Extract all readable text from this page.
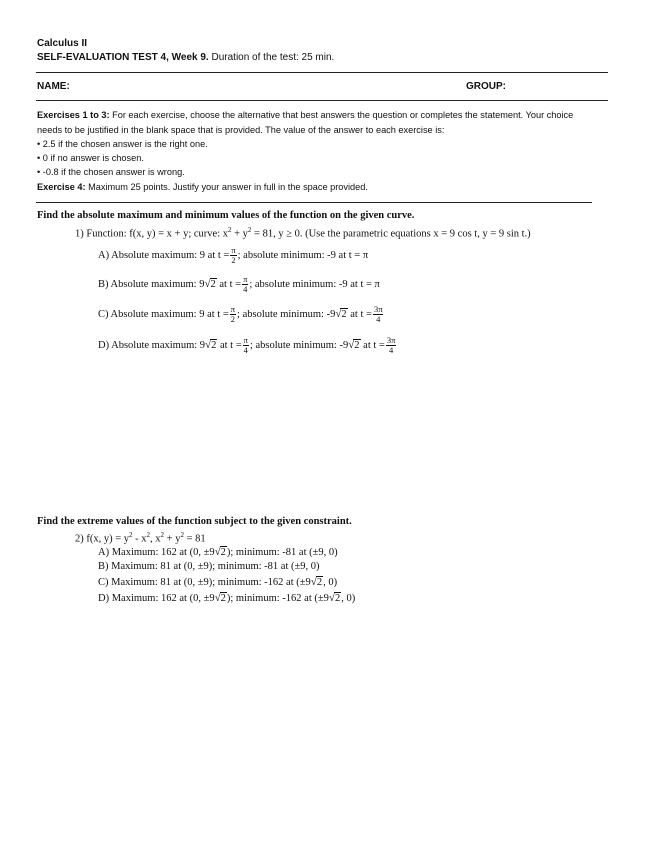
Calculus II
SELF-EVALUATION TEST 4, Week 9. Duration of the test: 25 min.
NAME:	GROUP:
Exercises 1 to 3: For each exercise, choose the alternative that best answers the question or completes the statement. Your choice
needs to be justified in the blank space that is provided. The value of the answer to each exercise is:
• 2.5 if the chosen answer is the right one.
• 0 if no answer is chosen.
• -0.8 if the chosen answer is wrong.
Exercise 4: Maximum 25 points. Justify your answer in full in the space provided.
Find the absolute maximum and minimum values of the function on the given curve.
1) Function: f(x, y) = x + y; curve: $x^2 + y^2 = 81$, y ≥ 0. (Use the parametric equations x = 9 cos t, y = 9 sin t.)
A) Absolute maximum: 9 at $t = \frac{\pi}{2}$ ; absolute minimum: -9 at t = π
B) Absolute maximum: 9√2 at $t = \frac{\pi}{4}$ ; absolute minimum: -9 at t = π
C) Absolute maximum: 9 at $t = \frac{\pi}{2}$ ; absolute minimum: -9√2 at $t = \frac{3\pi}{4}$
D) Absolute maximum: 9√2 at $t = \frac{\pi}{4}$ ; absolute minimum: -9√2 at $t = \frac{3\pi}{4}$
Find the extreme values of the function subject to the given constraint.
2) f(x, $y) = y^2 - x^2$, $x^2 + y^2 = 81$
A) Maximum: 162 at (0, ±9√2); minimum: -81 at (±9, 0)
B) Maximum: 81 at (0, ±9); minimum: -81 at (±9, 0)
C) Maximum: 81 at (0, ±9); minimum: -162 at (±9√2, 0)
D) Maximum: 162 at (0, ±9√2); minimum: -162 at (±9√2, 0)
